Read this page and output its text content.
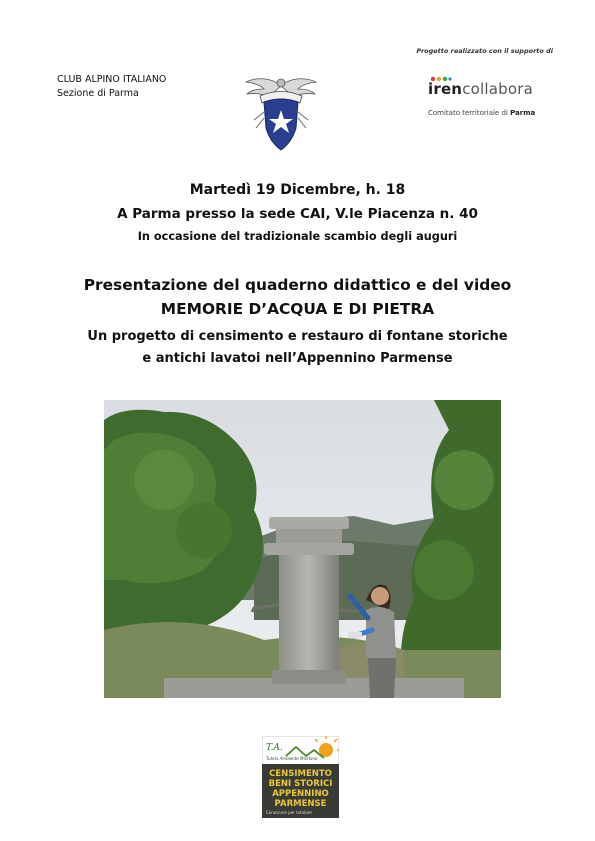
Progetto realizzato con il supporto di
CLUB ALPINO ITALIANO
Sezione di Parma	irencollabora
Comitato territoriale di Parma
Martedì 19 Dicembre, h. 18
A Parma presso la sede CAI, V.le Piacenza n. 40
In occasione del tradizionale scambio degli auguri
Presentazione del quaderno didattico e del video
MEMORIE D’ACQUA E DI PIETRA
Un progetto di censimento e restauro di fontane storiche
e antichi lavatoi nell’Appennino Parmense
T.A.
Tutela Ambiente Montano
CENSIMENTO
BENI STORICI
APPENNINO
PARMENSE
Conoscere per tutelare
